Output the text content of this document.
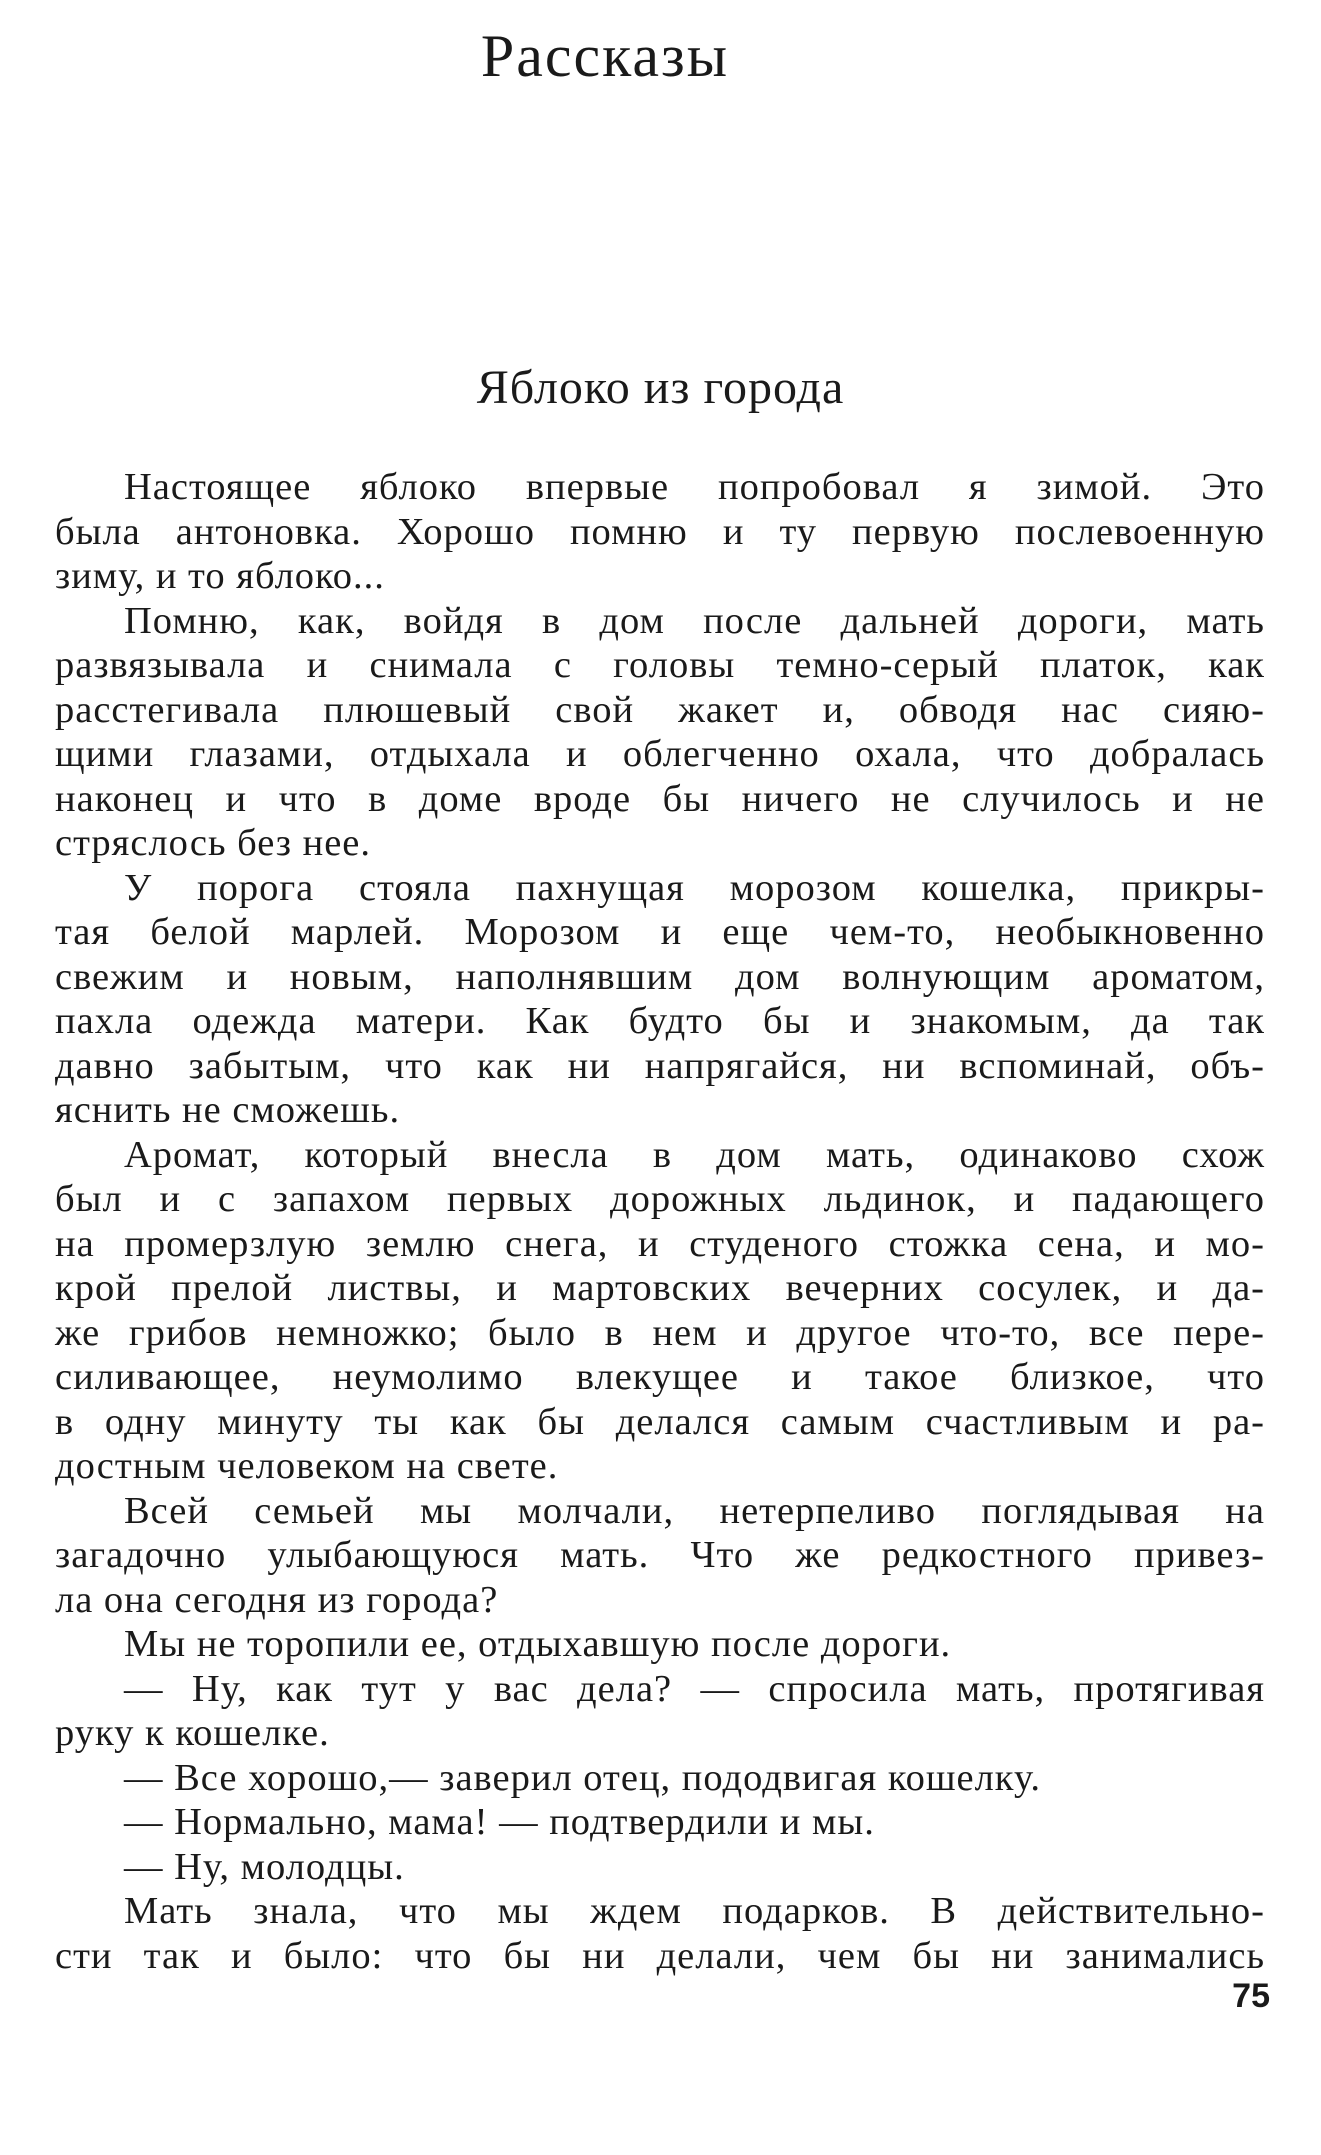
Рассказы
Яблоко из города
Настоящее яблоко впервые попробовал я зимой. Это
была антоновка. Хорошо помню и ту первую послевоенную
зиму, и то яблоко...
Помню, как, войдя в дом после дальней дороги, мать
развязывала и снимала с головы темно-серый платок, как
расстегивала плюшевый свой жакет и, обводя нас сияю-
щими глазами, отдыхала и облегченно охала, что добралась
наконец и что в доме вроде бы ничего не случилось и не
стряслось без нее.
У порога стояла пахнущая морозом кошелка, прикры-
тая белой марлей. Морозом и еще чем-то, необыкновенно
свежим и новым, наполнявшим дом волнующим ароматом,
пахла одежда матери. Как будто бы и знакомым, да так
давно забытым, что как ни напрягайся, ни вспоминай, объ-
яснить не сможешь.
Аромат, который внесла в дом мать, одинаково схож
был и с запахом первых дорожных льдинок, и падающего
на промерзлую землю снега, и студеного стожка сена, и мо-
крой прелой листвы, и мартовских вечерних сосулек, и да-
же грибов немножко; было в нем и другое что-то, все пере-
силивающее, неумолимо влекущее и такое близкое, что
в одну минуту ты как бы делался самым счастливым и ра-
достным человеком на свете.
Всей семьей мы молчали, нетерпеливо поглядывая на
загадочно улыбающуюся мать. Что же редкостного привез-
ла она сегодня из города?
Мы не торопили ее, отдыхавшую после дороги.
— Ну, как тут у вас дела? — спросила мать, протягивая
руку к кошелке.
— Все хорошо,— заверил отец, пододвигая кошелку.
— Нормально, мама! — подтвердили и мы.
— Ну, молодцы.
Мать знала, что мы ждем подарков. В действительно-
сти так и было: что бы ни делали, чем бы ни занимались
75
